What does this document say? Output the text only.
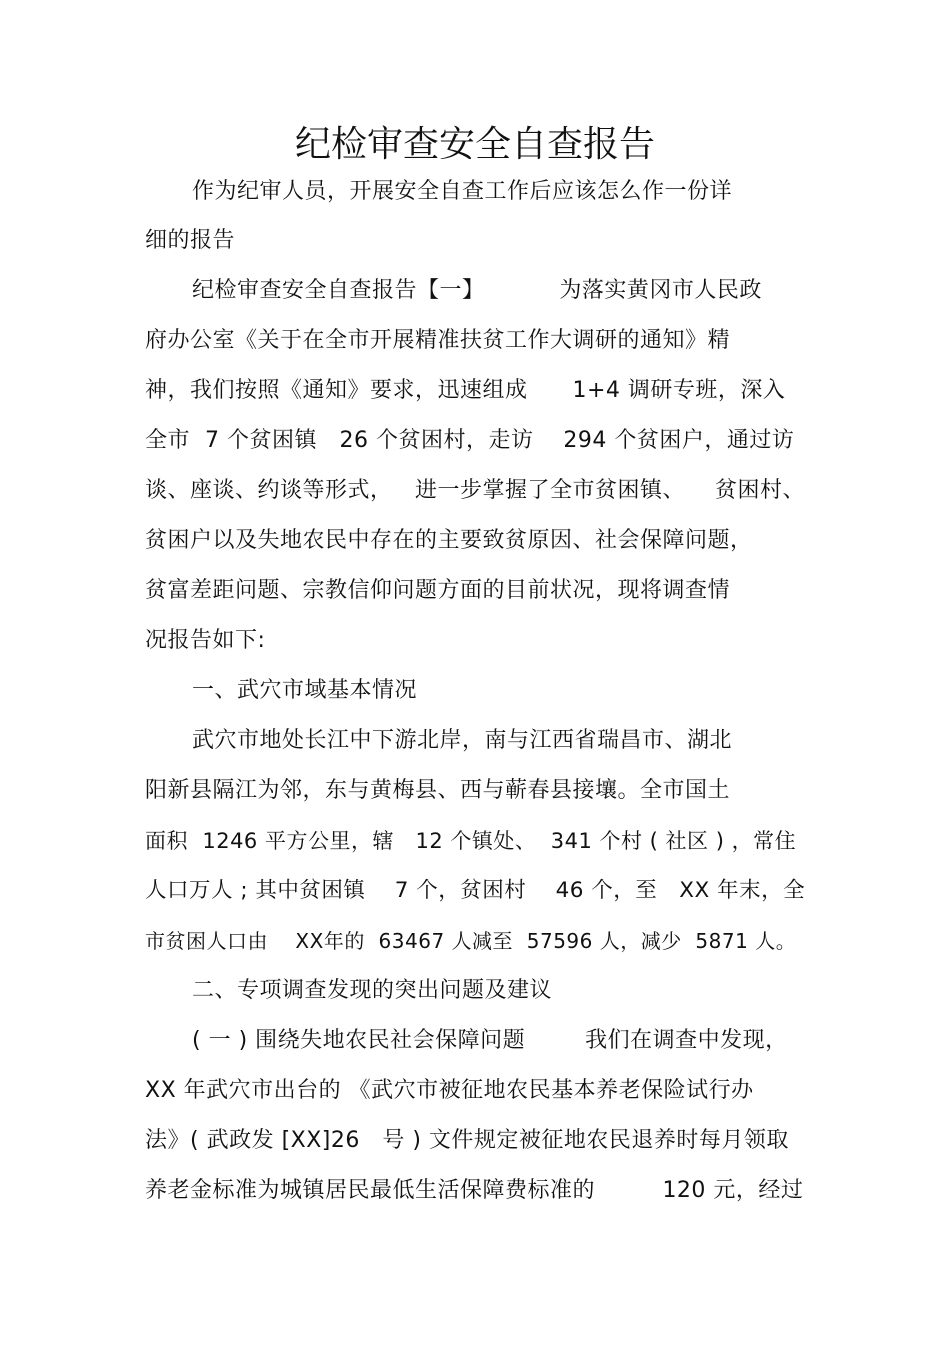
纪检审查安全自查报告
作为纪审人员，开展安全自查工作后应该怎么作一份详
细的报告
纪检审查安全自查报告【一】          为落实黄冈市人民政
府办公室《关于在全市开展精准扶贫工作大调研的通知》精
神，我们按照《通知》要求，迅速组成      1+4 调研专班，深入
全市  7 个贫困镇   26 个贫困村，走访    294 个贫困户，通过访
谈、座谈、约谈等形式，   进一步掌握了全市贫困镇、    贫困村、
贫困户以及失地农民中存在的主要致贫原因、社会保障问题，
贫富差距问题、宗教信仰问题方面的目前状况，现将调查情
况报告如下:
一、武穴市域基本情况
武穴市地处长江中下游北岸，南与江西省瑞昌市、湖北
阳新县隔江为邻，东与黄梅县、西与蕲春县接壤。全市国土
面积  1246 平方公里，辖   12 个镇处、  341 个村 ( 社区 ) ，常住
人口万人 ; 其中贫困镇    7 个，贫困村    46 个，至   XX 年末，全
市贫困人口由    XX年的  63467 人减至  57596 人，减少  5871 人。
二、专项调查发现的突出问题及建议
( 一 ) 围绕失地农民社会保障问题        我们在调查中发现，
XX 年武穴市出台的 《武穴市被征地农民基本养老保险试行办
法》( 武政发 [XX]26   号 ) 文件规定被征地农民退养时每月领取
养老金标准为城镇居民最低生活保障费标准的         120 元，经过
